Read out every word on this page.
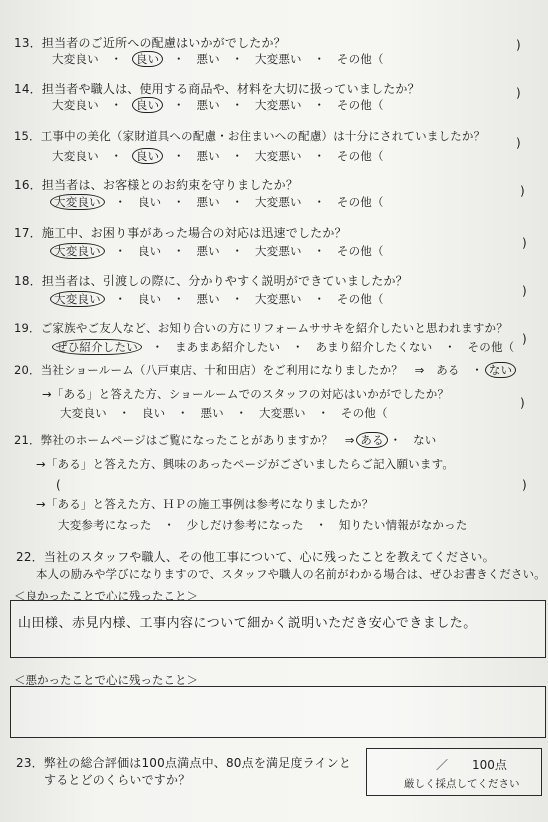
13．担当者のご近所への配慮はいかがでしたか？	)
大変良い　 ・　 良い　 ・　 悪い　 ・　 大変悪い　 ・　 その他（
14．担当者や職人は、使用する商品や、材料を大切に扱っていましたか？	)
大変良い　 ・　 良い　 ・　 悪い　 ・　 大変悪い　 ・　 その他（
15．工事中の美化（家財道具への配慮・お住まいへの配慮）は十分にされていましたか？	)
大変良い　 ・　 良い　 ・　 悪い　 ・　 大変悪い　 ・　 その他（
16．担当者は、お客様とのお約束を守りましたか？	)
大変良い　 ・　 良い　 ・　 悪い　 ・　 大変悪い　 ・　 その他（
17．施工中、お困り事があった場合の対応は迅速でしたか？
)
大変良い　 ・　 良い　 ・　 悪い　 ・　 大変悪い　 ・　 その他（
18．担当者は、引渡しの際に、分かりやすく説明ができていましたか？
)
大変良い　 ・　 良い　 ・　 悪い　 ・　 大変悪い　 ・　 その他（
19．ご家族やご友人など、お知り合いの方にリフォームササキを紹介したいと思われますか？
)
ぜひ紹介したい　 ・　 まあまあ紹介したい　 ・　 あまり紹介したくない　 ・　 その他（
20．当社ショールーム（八戸東店、十和田店）をご利用になりましたか？　⇒　ある　・ ない
→「ある」と答えた方、ショールームでのスタッフの対応はいかがでしたか？
大変良い　 ・　 良い　 ・　 悪い　 ・　 大変悪い　 ・　 その他（
)
21．弊社のホームページはご覧になったことがありますか？　⇒ ある ・　ない
→「ある」と答えた方、興味のあったページがございましたらご記入願います。
(	)
→「ある」と答えた方、ＨＰの施工事例は参考になりましたか？
大変参考になった　 ・　 少しだけ参考になった　 ・　 知りたい情報がなかった
22．当社のスタッフや職人、その他工事について、心に残ったことを教えてください。
本人の励みや学びになりますので、スタッフや職人の名前がわかる場合は、ぜひお書きください。
＜良かったことで心に残ったこと＞
山田様、赤見内様、工事内容について細かく説明いただき安心できました。
＜悪かったことで心に残ったこと＞
23．弊社の総合評価は100点満点中、80点を満足度ラインと
するとどのくらいですか？
／　　100点
厳しく採点してください
